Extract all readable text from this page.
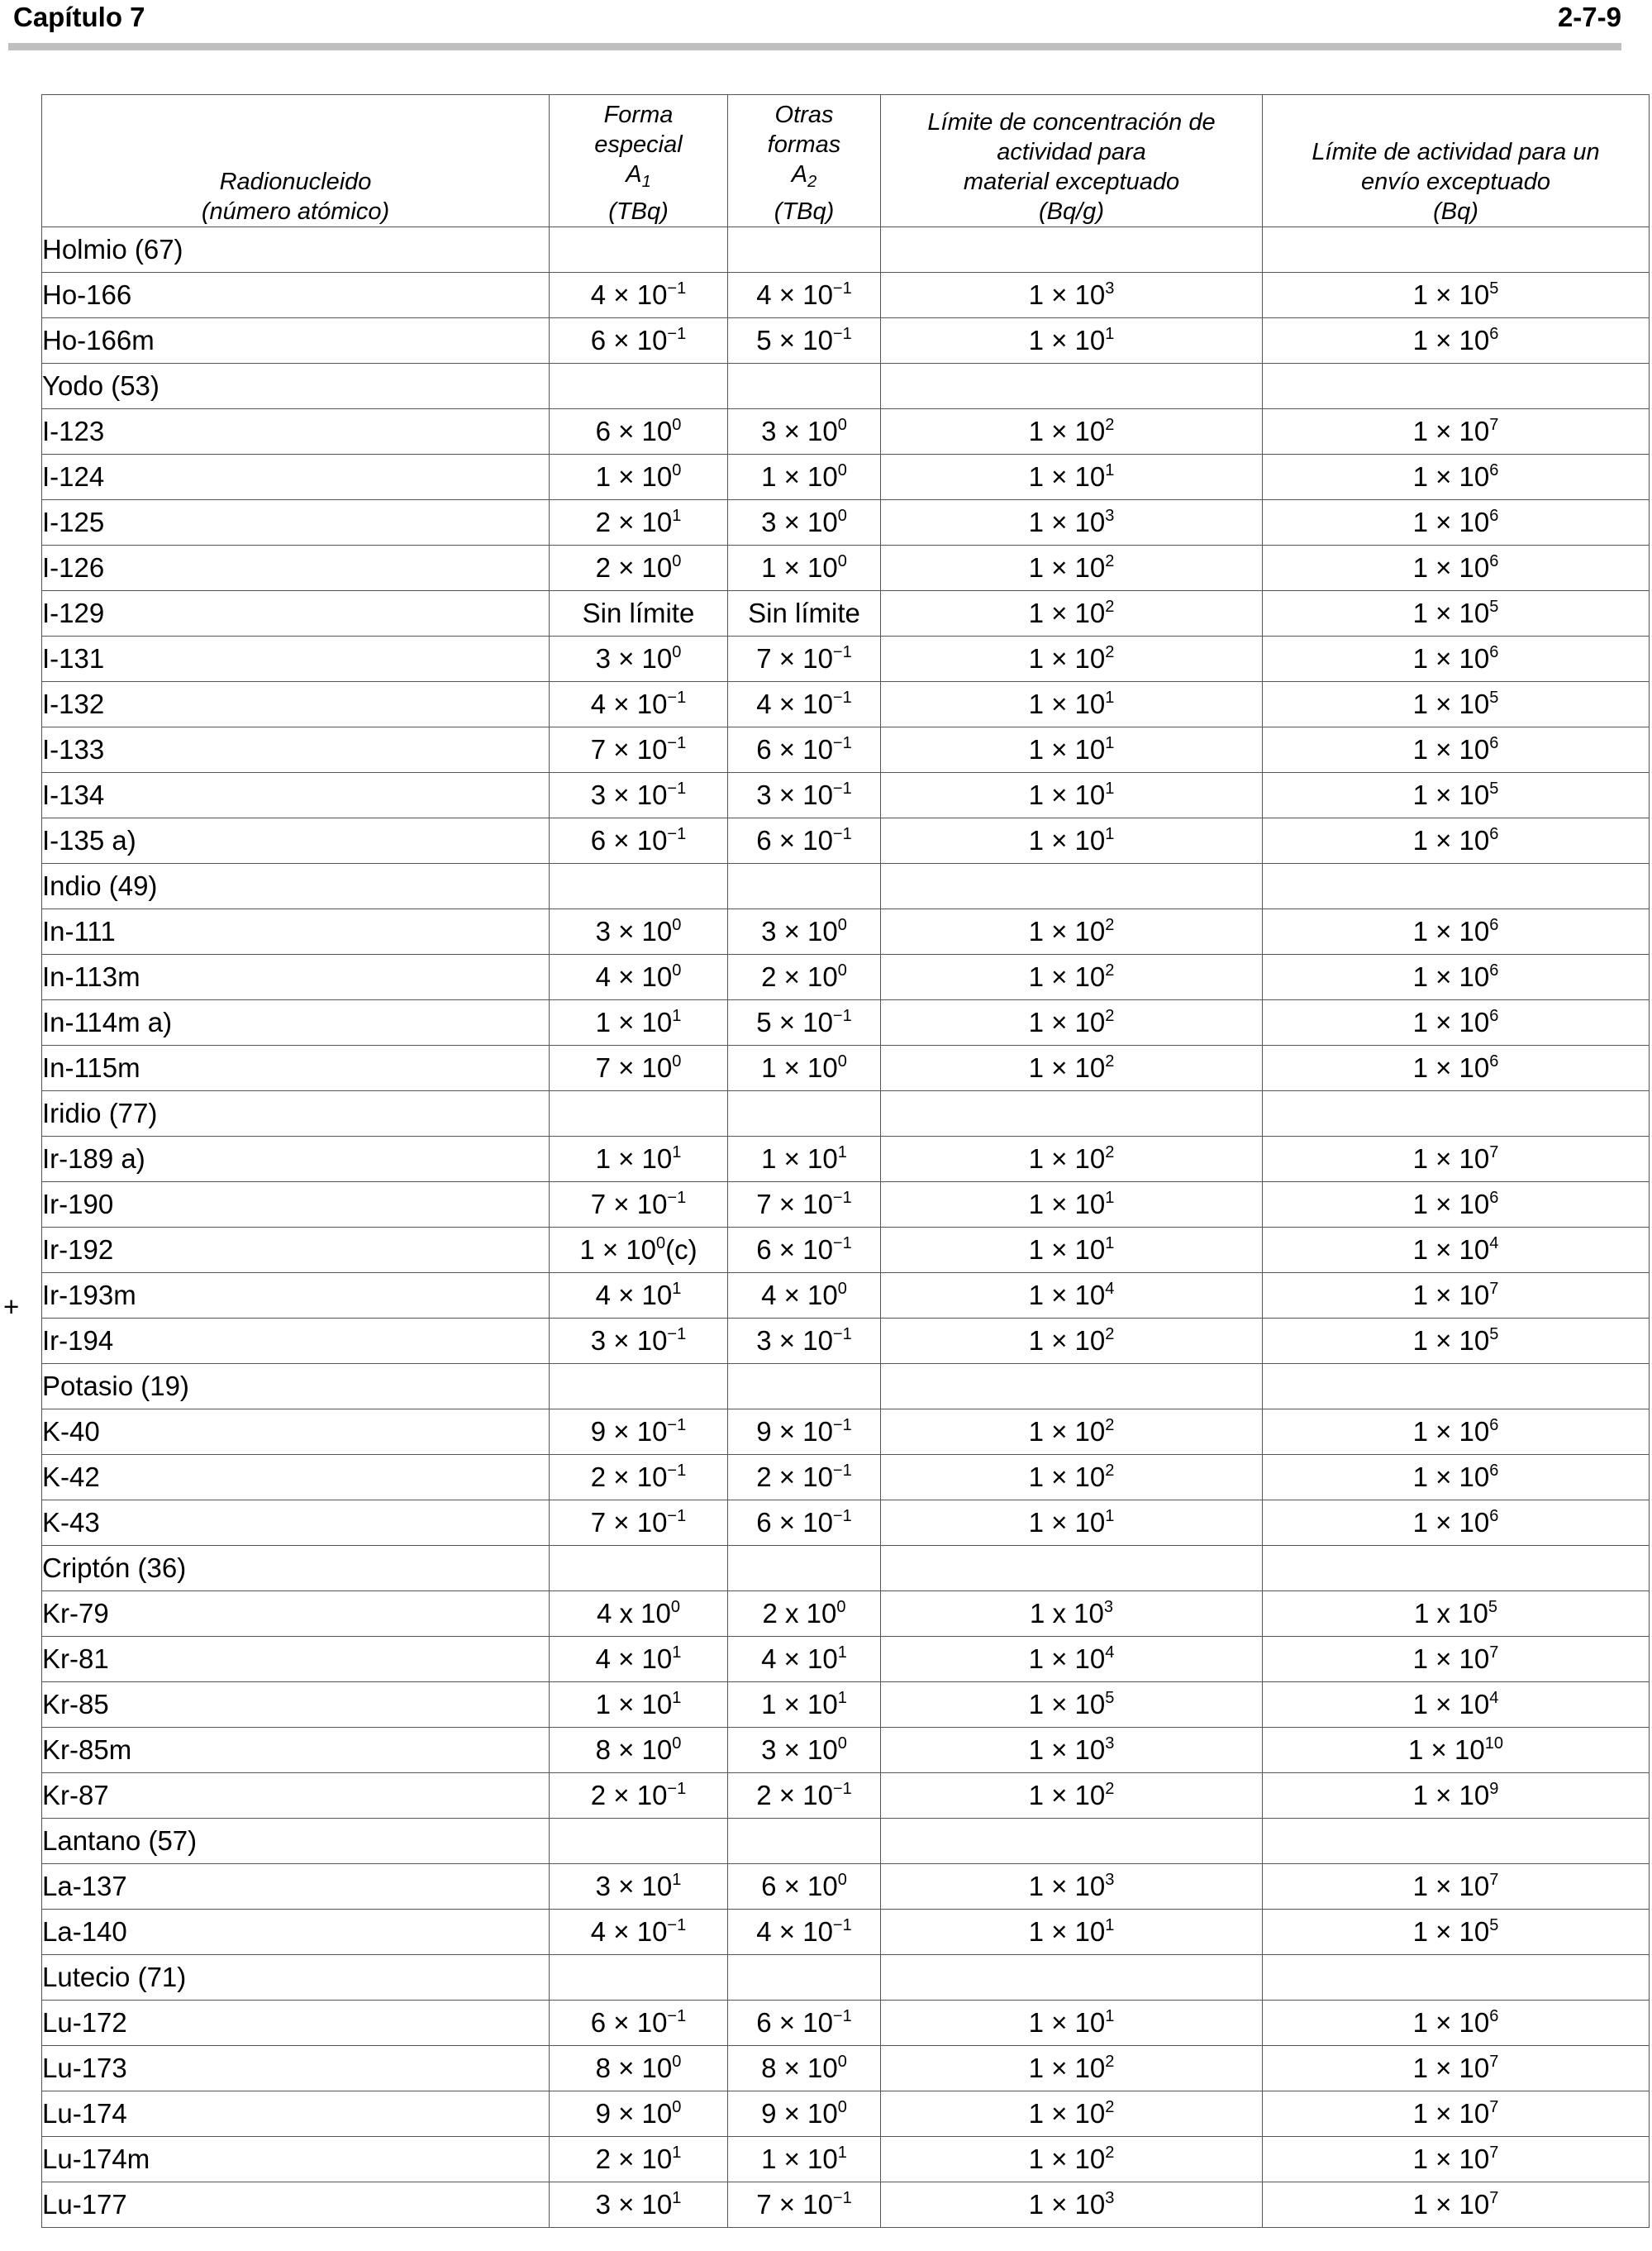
Capítulo 7	2-7-9
+
Radionucleido
(número atómico)	Forma
especial
$A_1$
(TBq)	Otras
formas
$A_2$
(TBq)	Límite de concentración de
actividad para
material exceptuado
(Bq/g)	Límite de actividad para un
envío exceptuado
(Bq)
Holmio (67)				
Ho-166	$4 \times 10^{-1}$	$4 \times 10^{-1}$	$1 \times 10^3$	$1 \times 10^5$
Ho-166m	$6 \times 10^{-1}$	$5 \times 10^{-1}$	$1 \times 10^1$	$1 \times 10^6$
Yodo (53)				
I-123	$6 \times 10^0$	$3 \times 10^0$	$1 \times 10^2$	$1 \times 10^7$
I-124	$1 \times 10^0$	$1 \times 10^0$	$1 \times 10^1$	$1 \times 10^6$
I-125	$2 \times 10^1$	$3 \times 10^0$	$1 \times 10^3$	$1 \times 10^6$
I-126	$2 \times 10^0$	$1 \times 10^0$	$1 \times 10^2$	$1 \times 10^6$
I-129	Sin límite	Sin límite	$1 \times 10^2$	$1 \times 10^5$
I-131	$3 \times 10^0$	$7 \times 10^{-1}$	$1 \times 10^2$	$1 \times 10^6$
I-132	$4 \times 10^{-1}$	$4 \times 10^{-1}$	$1 \times 10^1$	$1 \times 10^5$
I-133	$7 \times 10^{-1}$	$6 \times 10^{-1}$	$1 \times 10^1$	$1 \times 10^6$
I-134	$3 \times 10^{-1}$	$3 \times 10^{-1}$	$1 \times 10^1$	$1 \times 10^5$
I-135 a)	$6 \times 10^{-1}$	$6 \times 10^{-1}$	$1 \times 10^1$	$1 \times 10^6$
Indio (49)				
In-111	$3 \times 10^0$	$3 \times 10^0$	$1 \times 10^2$	$1 \times 10^6$
In-113m	$4 \times 10^0$	$2 \times 10^0$	$1 \times 10^2$	$1 \times 10^6$
In-114m a)	$1 \times 10^1$	$5 \times 10^{-1}$	$1 \times 10^2$	$1 \times 10^6$
In-115m	$7 \times 10^0$	$1 \times 10^0$	$1 \times 10^2$	$1 \times 10^6$
Iridio (77)				
Ir-189 a)	$1 \times 10^1$	$1 \times 10^1$	$1 \times 10^2$	$1 \times 10^7$
Ir-190	$7 \times 10^{-1}$	$7 \times 10^{-1}$	$1 \times 10^1$	$1 \times 10^6$
Ir-192	$1 \times 10^0(c)$	$6 \times 10^{-1}$	$1 \times 10^1$	$1 \times 10^4$
Ir-193m	$4 \times 10^1$	$4 \times 10^0$	$1 \times 10^4$	$1 \times 10^7$
Ir-194	$3 \times 10^{-1}$	$3 \times 10^{-1}$	$1 \times 10^2$	$1 \times 10^5$
Potasio (19)				
K-40	$9 \times 10^{-1}$	$9 \times 10^{-1}$	$1 \times 10^2$	$1 \times 10^6$
K-42	$2 \times 10^{-1}$	$2 \times 10^{-1}$	$1 \times 10^2$	$1 \times 10^6$
K-43	$7 \times 10^{-1}$	$6 \times 10^{-1}$	$1 \times 10^1$	$1 \times 10^6$
Criptón (36)				
Kr-79	4 x $10^0$	2 x $10^0$	1 x $10^3$	1 x $10^5$
Kr-81	$4 \times 10^1$	$4 \times 10^1$	$1 \times 10^4$	$1 \times 10^7$
Kr-85	$1 \times 10^1$	$1 \times 10^1$	$1 \times 10^5$	$1 \times 10^4$
Kr-85m	$8 \times 10^0$	$3 \times 10^0$	$1 \times 10^3$	$1 \times 10^{10}$
Kr-87	$2 \times 10^{-1}$	$2 \times 10^{-1}$	$1 \times 10^2$	$1 \times 10^9$
Lantano (57)				
La-137	$3 \times 10^1$	$6 \times 10^0$	$1 \times 10^3$	$1 \times 10^7$
La-140	$4 \times 10^{-1}$	$4 \times 10^{-1}$	$1 \times 10^1$	$1 \times 10^5$
Lutecio (71)				
Lu-172	$6 \times 10^{-1}$	$6 \times 10^{-1}$	$1 \times 10^1$	$1 \times 10^6$
Lu-173	$8 \times 10^0$	$8 \times 10^0$	$1 \times 10^2$	$1 \times 10^7$
Lu-174	$9 \times 10^0$	$9 \times 10^0$	$1 \times 10^2$	$1 \times 10^7$
Lu-174m	$2 \times 10^1$	$1 \times 10^1$	$1 \times 10^2$	$1 \times 10^7$
Lu-177	$3 \times 10^1$	$7 \times 10^{-1}$	$1 \times 10^3$	$1 \times 10^7$
